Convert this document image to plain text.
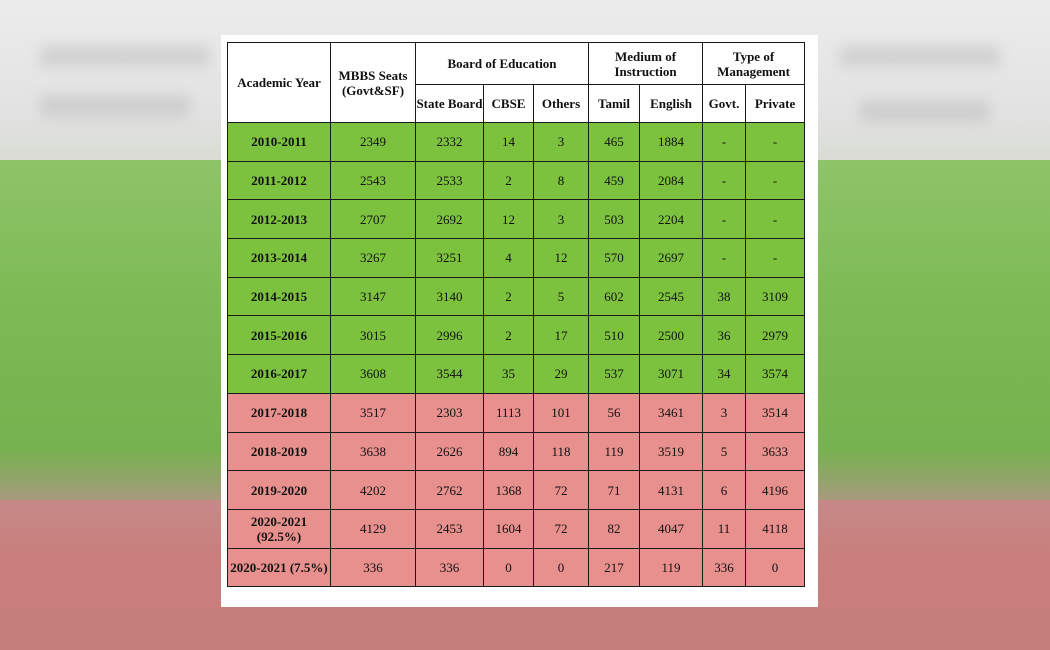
Academic Year	MBBS Seats (Govt&SF)	Board of Education			Medium of Instruction		Type of Management	
		State Board	CBSE	Others	Tamil	English	Govt.	Private
2010-2011	2349	2332	14	3	465	1884	-	-
2011-2012	2543	2533	2	8	459	2084	-	-
2012-2013	2707	2692	12	3	503	2204	-	-
2013-2014	3267	3251	4	12	570	2697	-	-
2014-2015	3147	3140	2	5	602	2545	38	3109
2015-2016	3015	2996	2	17	510	2500	36	2979
2016-2017	3608	3544	35	29	537	3071	34	3574
2017-2018	3517	2303	1113	101	56	3461	3	3514
2018-2019	3638	2626	894	118	119	3519	5	3633
2019-2020	4202	2762	1368	72	71	4131	6	4196
2020-2021 (92.5%)	4129	2453	1604	72	82	4047	11	4118
2020-2021 (7.5%)	336	336	0	0	217	119	336	0
